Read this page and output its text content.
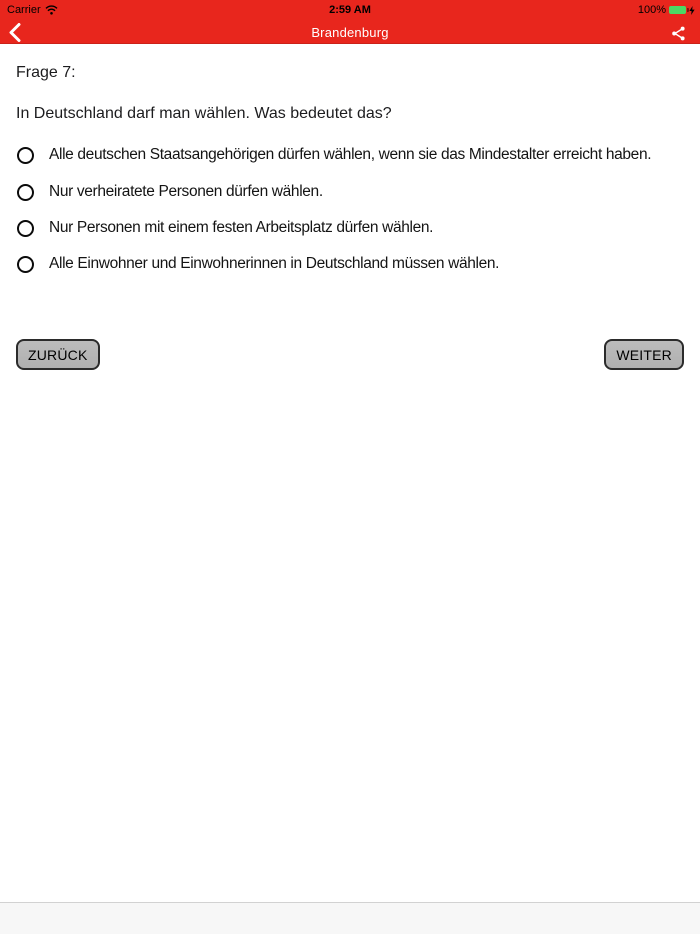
Carrier	2:59 AM	100%
Brandenburg
Frage 7:
In Deutschland darf man wählen. Was bedeutet das?
Alle deutschen Staatsangehörigen dürfen wählen, wenn sie das Mindestalter erreicht haben.
Nur verheiratete Personen dürfen wählen.
Nur Personen mit einem festen Arbeitsplatz dürfen wählen.
Alle Einwohner und Einwohnerinnen in Deutschland müssen wählen.
ZURÜCK	WEITER
